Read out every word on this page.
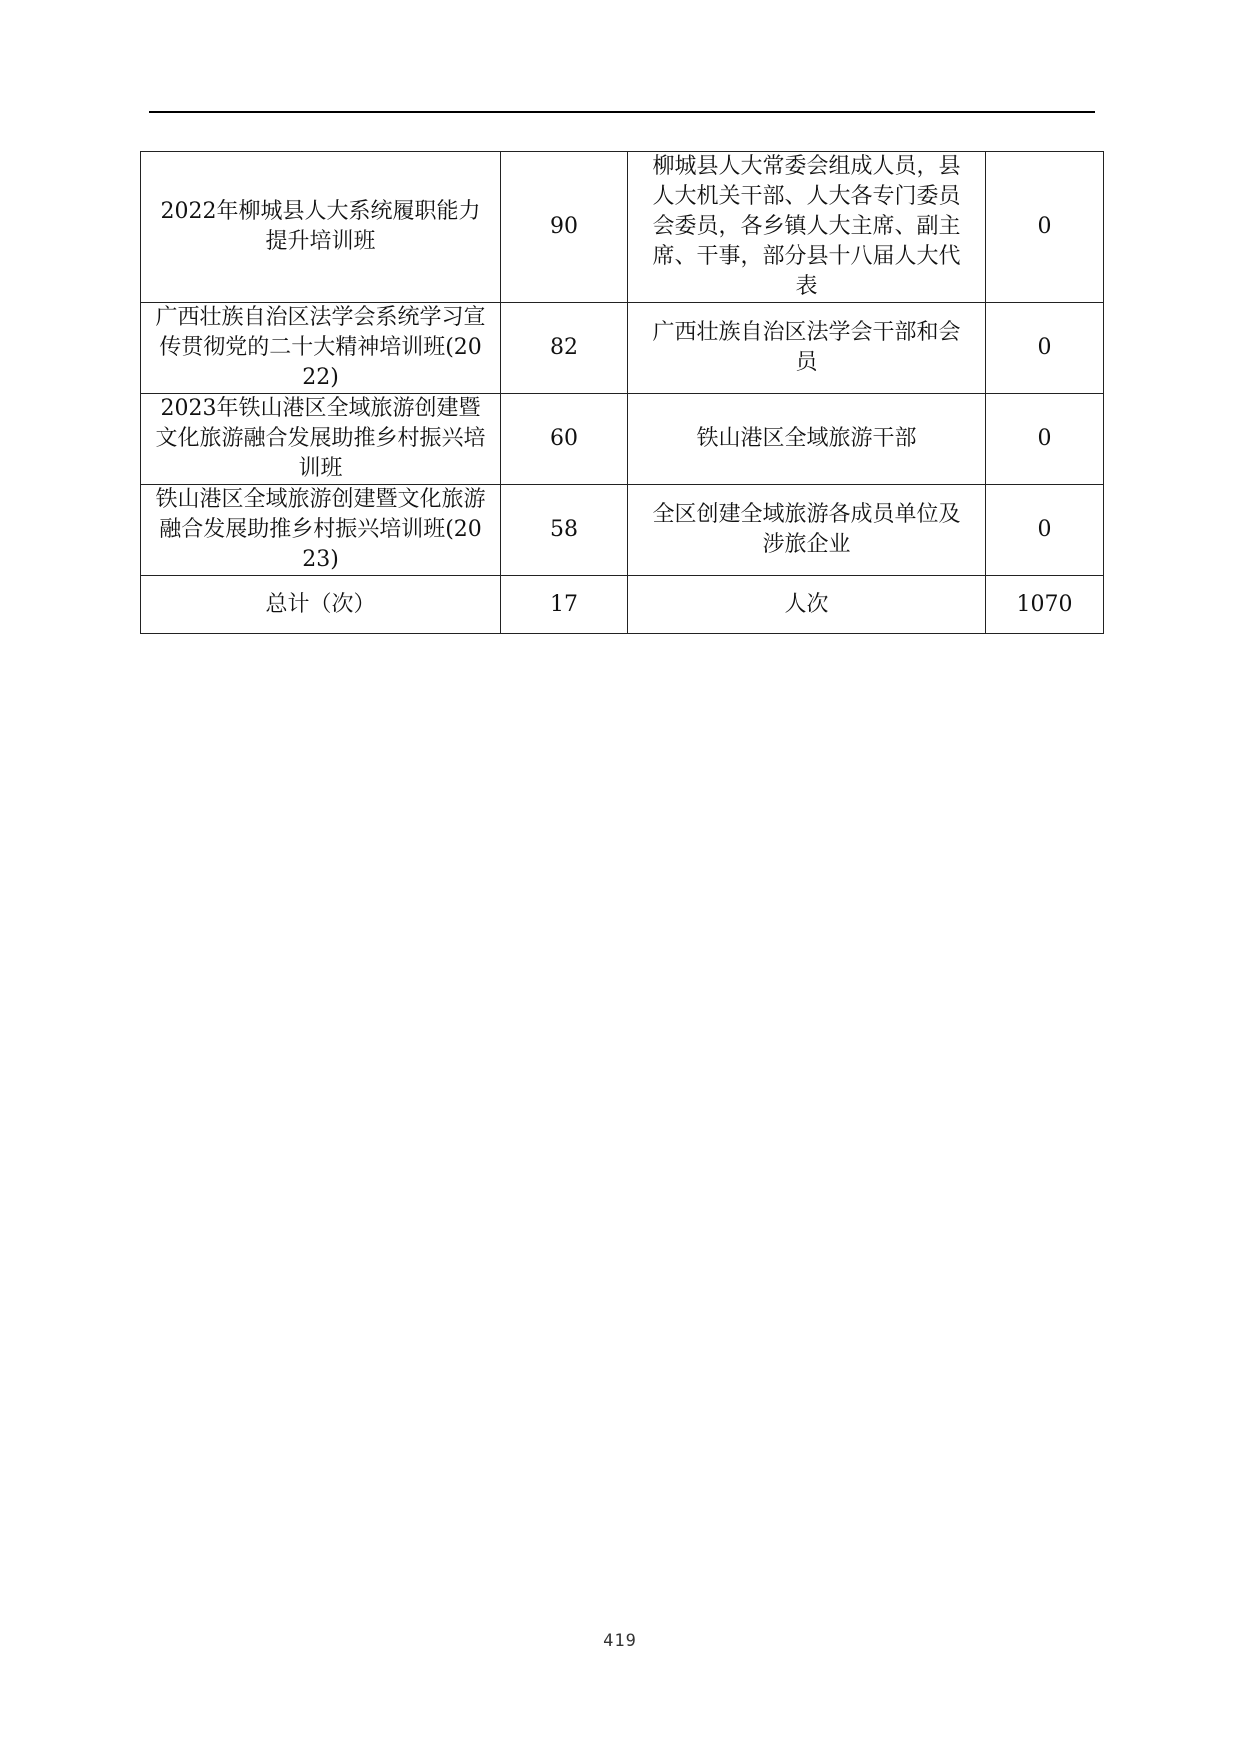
2022年柳城县人大系统履职能力提升培训班	90	柳城县人大常委会组成人员，县人大机关干部、人大各专门委员会委员，各乡镇人大主席、副主席、干事，部分县十八届人大代表	0
广西壮族自治区法学会系统学习宣传贯彻党的二十大精神培训班(2022)	82	广西壮族自治区法学会干部和会员	0
2023年铁山港区全域旅游创建暨文化旅游融合发展助推乡村振兴培训班	60	铁山港区全域旅游干部	0
铁山港区全域旅游创建暨文化旅游融合发展助推乡村振兴培训班(2023)	58	全区创建全域旅游各成员单位及涉旅企业	0
总计（次）	17	人次	1070
419
